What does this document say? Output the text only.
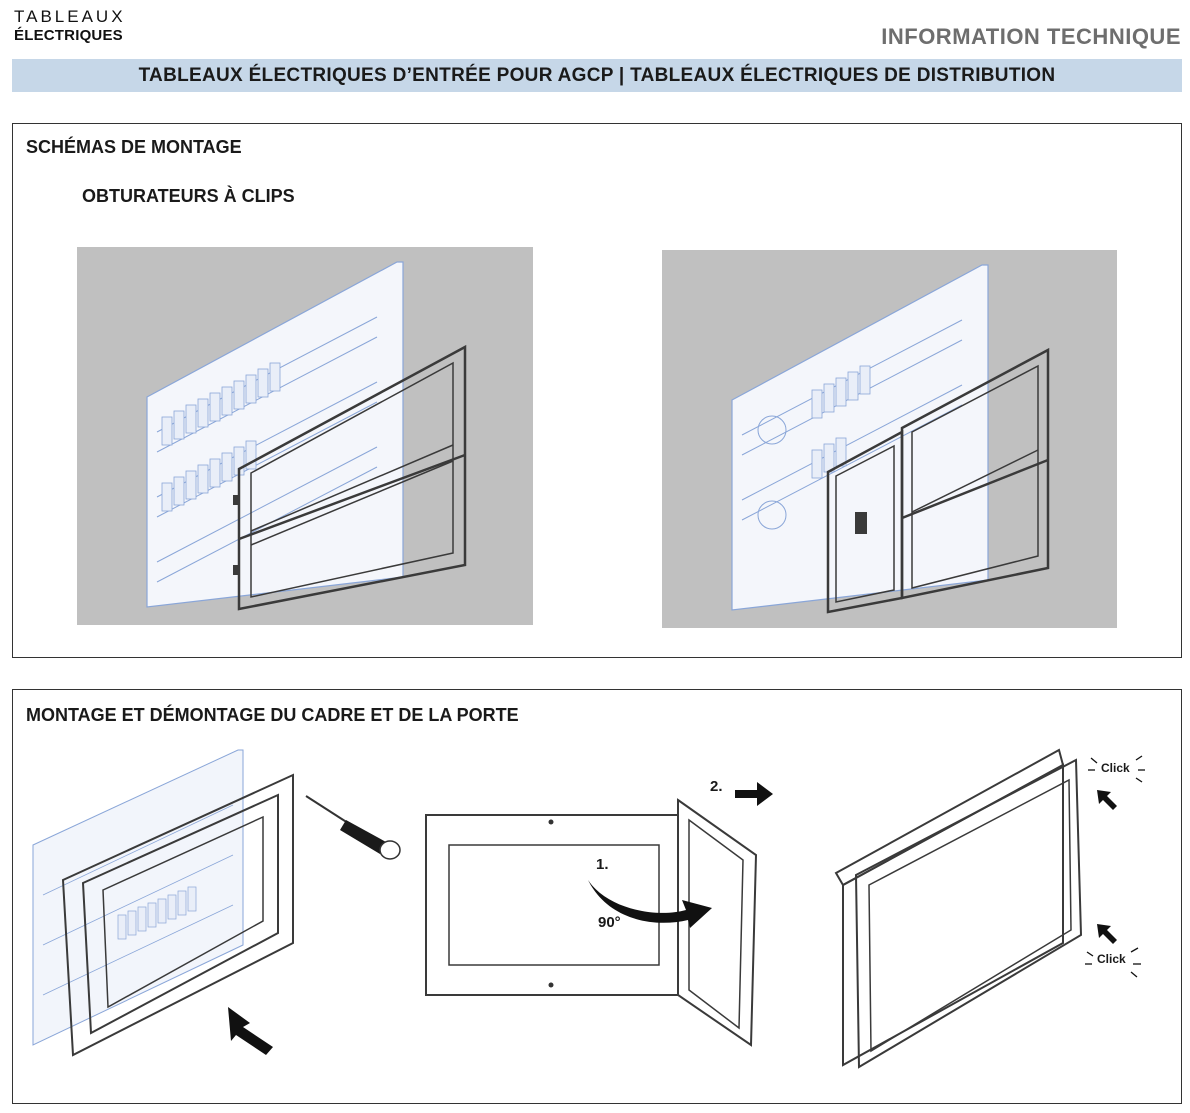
TABLEAUX
ÉLECTRIQUES	INFORMATION TECHNIQUE
TABLEAUX ÉLECTRIQUES D’ENTRÉE POUR AGCP | TABLEAUX ÉLECTRIQUES DE DISTRIBUTION
SCHÉMAS DE MONTAGE
OBTURATEURS À CLIPS
MONTAGE ET DÉMONTAGE DU CADRE ET DE LA PORTE
2.
1.
90°
Click
Click
